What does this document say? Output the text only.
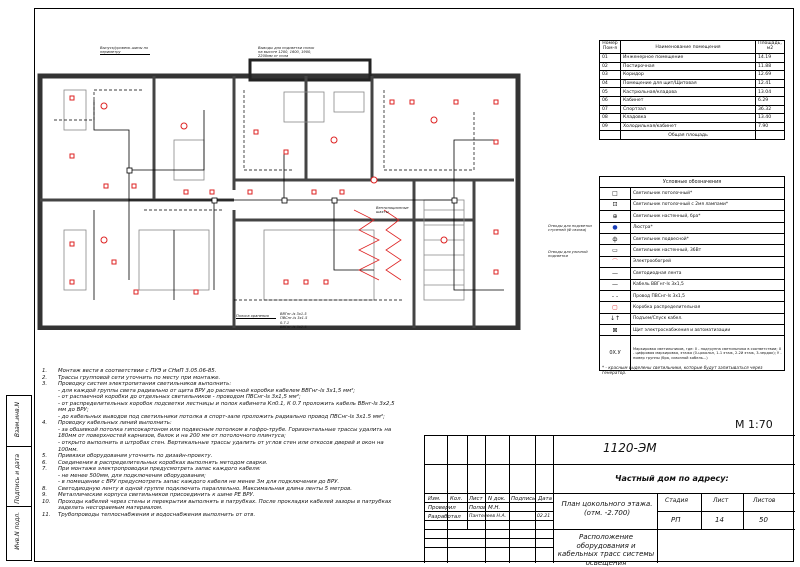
Взам.инв.N
Подпись и дата
Инв.N подл.
Выпуск/уровень шины по периметру
Выводы для подсветки полок на высоте 1200, 1600, 1900, 2200мм от пола
Полоса хранения
Вентиляционные шахты
Отводы для подсветки ступеней (Ф связка)
Отводы для уличной подсветки
ВВГнг-ls 3х1.5
ПВСнг-ls 3х1.5
0.7.1
ВВГнг-ls 3х2.5
Номер Пом-я	Наименование помещения	Площадь, м2
01	Инженерное помещение	14.19
02	Постирочная	11.88
03	Коридор	12.69
04	Помещение для щит/Щитовая	12.41
05	Кастрюльная/кладова	13.04
06	Кабинет	6.29
07	Спортзал	36.32
08	Кладовка	13.40
09	Холодильная/кабинет	7.90
	Общая площадь	
Условные обозначения	
□	Светильник потолочный*
⊡	Светильник потолочный с 2мя лампами*
⊕	Светильник настенный, бра*
●	Люстра*
ф	Светильник подвесной*
▭	Светильник настенный, 36Вт
⌒	Электрообогрей
—	Светодиодная лента
—	Кабель ВВГнг-ls 3х1,5
- -	Провод ПВСнг-ls 3х1,5
▢	Коробка распределительная
↓↑	Подъем/Спуск кабел.
⊠	Щит электроснабжения и автоматизации
0Х.У	Маркировка светильников, где: 0 - подгруппа светильника в соответствии; Х - цифровая маркировка, этажа (0-цокольн, 1-1 этаж, 2-2й этаж, 3-чердак); У - номер группы (бра, сквозной кабель...)
* - красным выделены светильники, которые будут запитываться через генератор.
1.	Монтаж вести в соответствии с ПУЭ и СНиП 3.05.06-85.
2.	Трассы групповой сети уточнить по месту при монтаже.
3.	Проводку систем электропитания светильников выполнить:
- для каждой группы света радиально от щита ВРУ до распаечной коробки кабелем ВВГнг-ls 3х1,5 мм²;
- от распаечной коробки до отдельных светильников - проводом ПВСнг-ls 3х1,5 мм²;
- от распределительных коробок подсветки лестницы и полок кабинета Кл0.1, К 0.7 проложить кабель ВВнг-ls 3х2,5
мм до ВРУ;
- до кабельных выводов под светильники потолка в спорт-зале проложить радиально провод ПВСнг-ls 3х1.5 мм²;
4.	Проводку кабельных линий выполнить:
- за обшивкой потолка гипсокартоном или подвесным потолком в гофро-трубе. Горизонтальные трассы удалить на
180мм от поверхностей карнизов, балок и на 200 мм от потолочного плинтуса;
- открыто выполнить в штробах стен. Вертикальные трассы удалить от углов стен или откосов дверей и окон на
100мм.
5.	Привязки оборудования уточнить по дизайн-проекту.
6.	Соединения в распределительных коробках выполнять методом сварки.
7.	При монтаже электропроводки предусмотреть запас каждого кабеля:
- не менее 500мм, для подключения оборудования;
- в помещении с ВРУ предусмотреть запас каждого кабеля не менее 3м для подключения до ВРУ.
8.	Светодиодную ленту в одной группе подключать параллельно. Максимальная длина ленты 5 метров.
9.	Металлические корпуса светильников присоединить к шине PE ВРУ.
10.	Проходы кабелей через стены и перекрытия выполнять в патрубках. После прокладки кабелей зазоры в патрубках
заделать несгораемым материалом.
11.	Трубопроводы теплоснабжения и водоснабжения выполнить от отв.
М 1:70
1120-ЭМ
Частный дом по адресу:
Изм. Кол. Лист N док. Подпись Дата
Проверил Попов М.Н.
Разработал Пантелеев Н.А.	02.21
План цокольного этажа. (отм. -2.700)
Расположение оборудования и кабельных трасс системы освещения
Стадия	Лист	Листов
РП	14	50
